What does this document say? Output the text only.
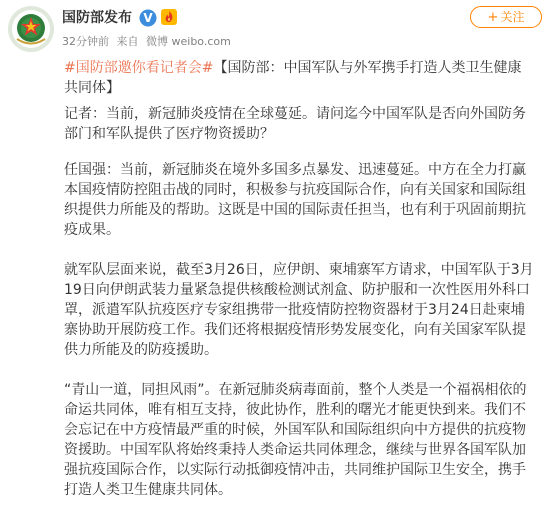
国防部发布 V
32分钟前 来自 微博 weibo.com
+ 关注

#国防部邀你看记者会#【国防部：中国军队与外军携手打造人类卫生健康共同体】

记者：当前，新冠肺炎疫情在全球蔓延。请问迄今中国军队是否向外国防务部门和军队提供了医疗物资援助？

任国强：当前，新冠肺炎在境外多国多点暴发、迅速蔓延。中方在全力打赢本国疫情防控阻击战的同时，积极参与抗疫国际合作，向有关国家和国际组织提供力所能及的帮助。这既是中国的国际责任担当，也有利于巩固前期抗疫成果。

就军队层面来说，截至3月26日，应伊朗、柬埔寨军方请求，中国军队于3月19日向伊朗武装力量紧急提供核酸检测试剂盒、防护服和一次性医用外科口罩，派遣军队抗疫医疗专家组携带一批疫情防控物资器材于3月24日赴柬埔寨协助开展防疫工作。我们还将根据疫情形势发展变化，向有关国家军队提供力所能及的防疫援助。

“青山一道，同担风雨”。在新冠肺炎病毒面前，整个人类是一个福祸相依的命运共同体，唯有相互支持，彼此协作，胜利的曙光才能更快到来。我们不会忘记在中方疫情最严重的时候，外国军队和国际组织向中方提供的抗疫物资援助。中国军队将始终秉持人类命运共同体理念，继续与世界各国军队加强抗疫国际合作，以实际行动抵御疫情冲击，共同维护国际卫生安全，携手打造人类卫生健康共同体。
